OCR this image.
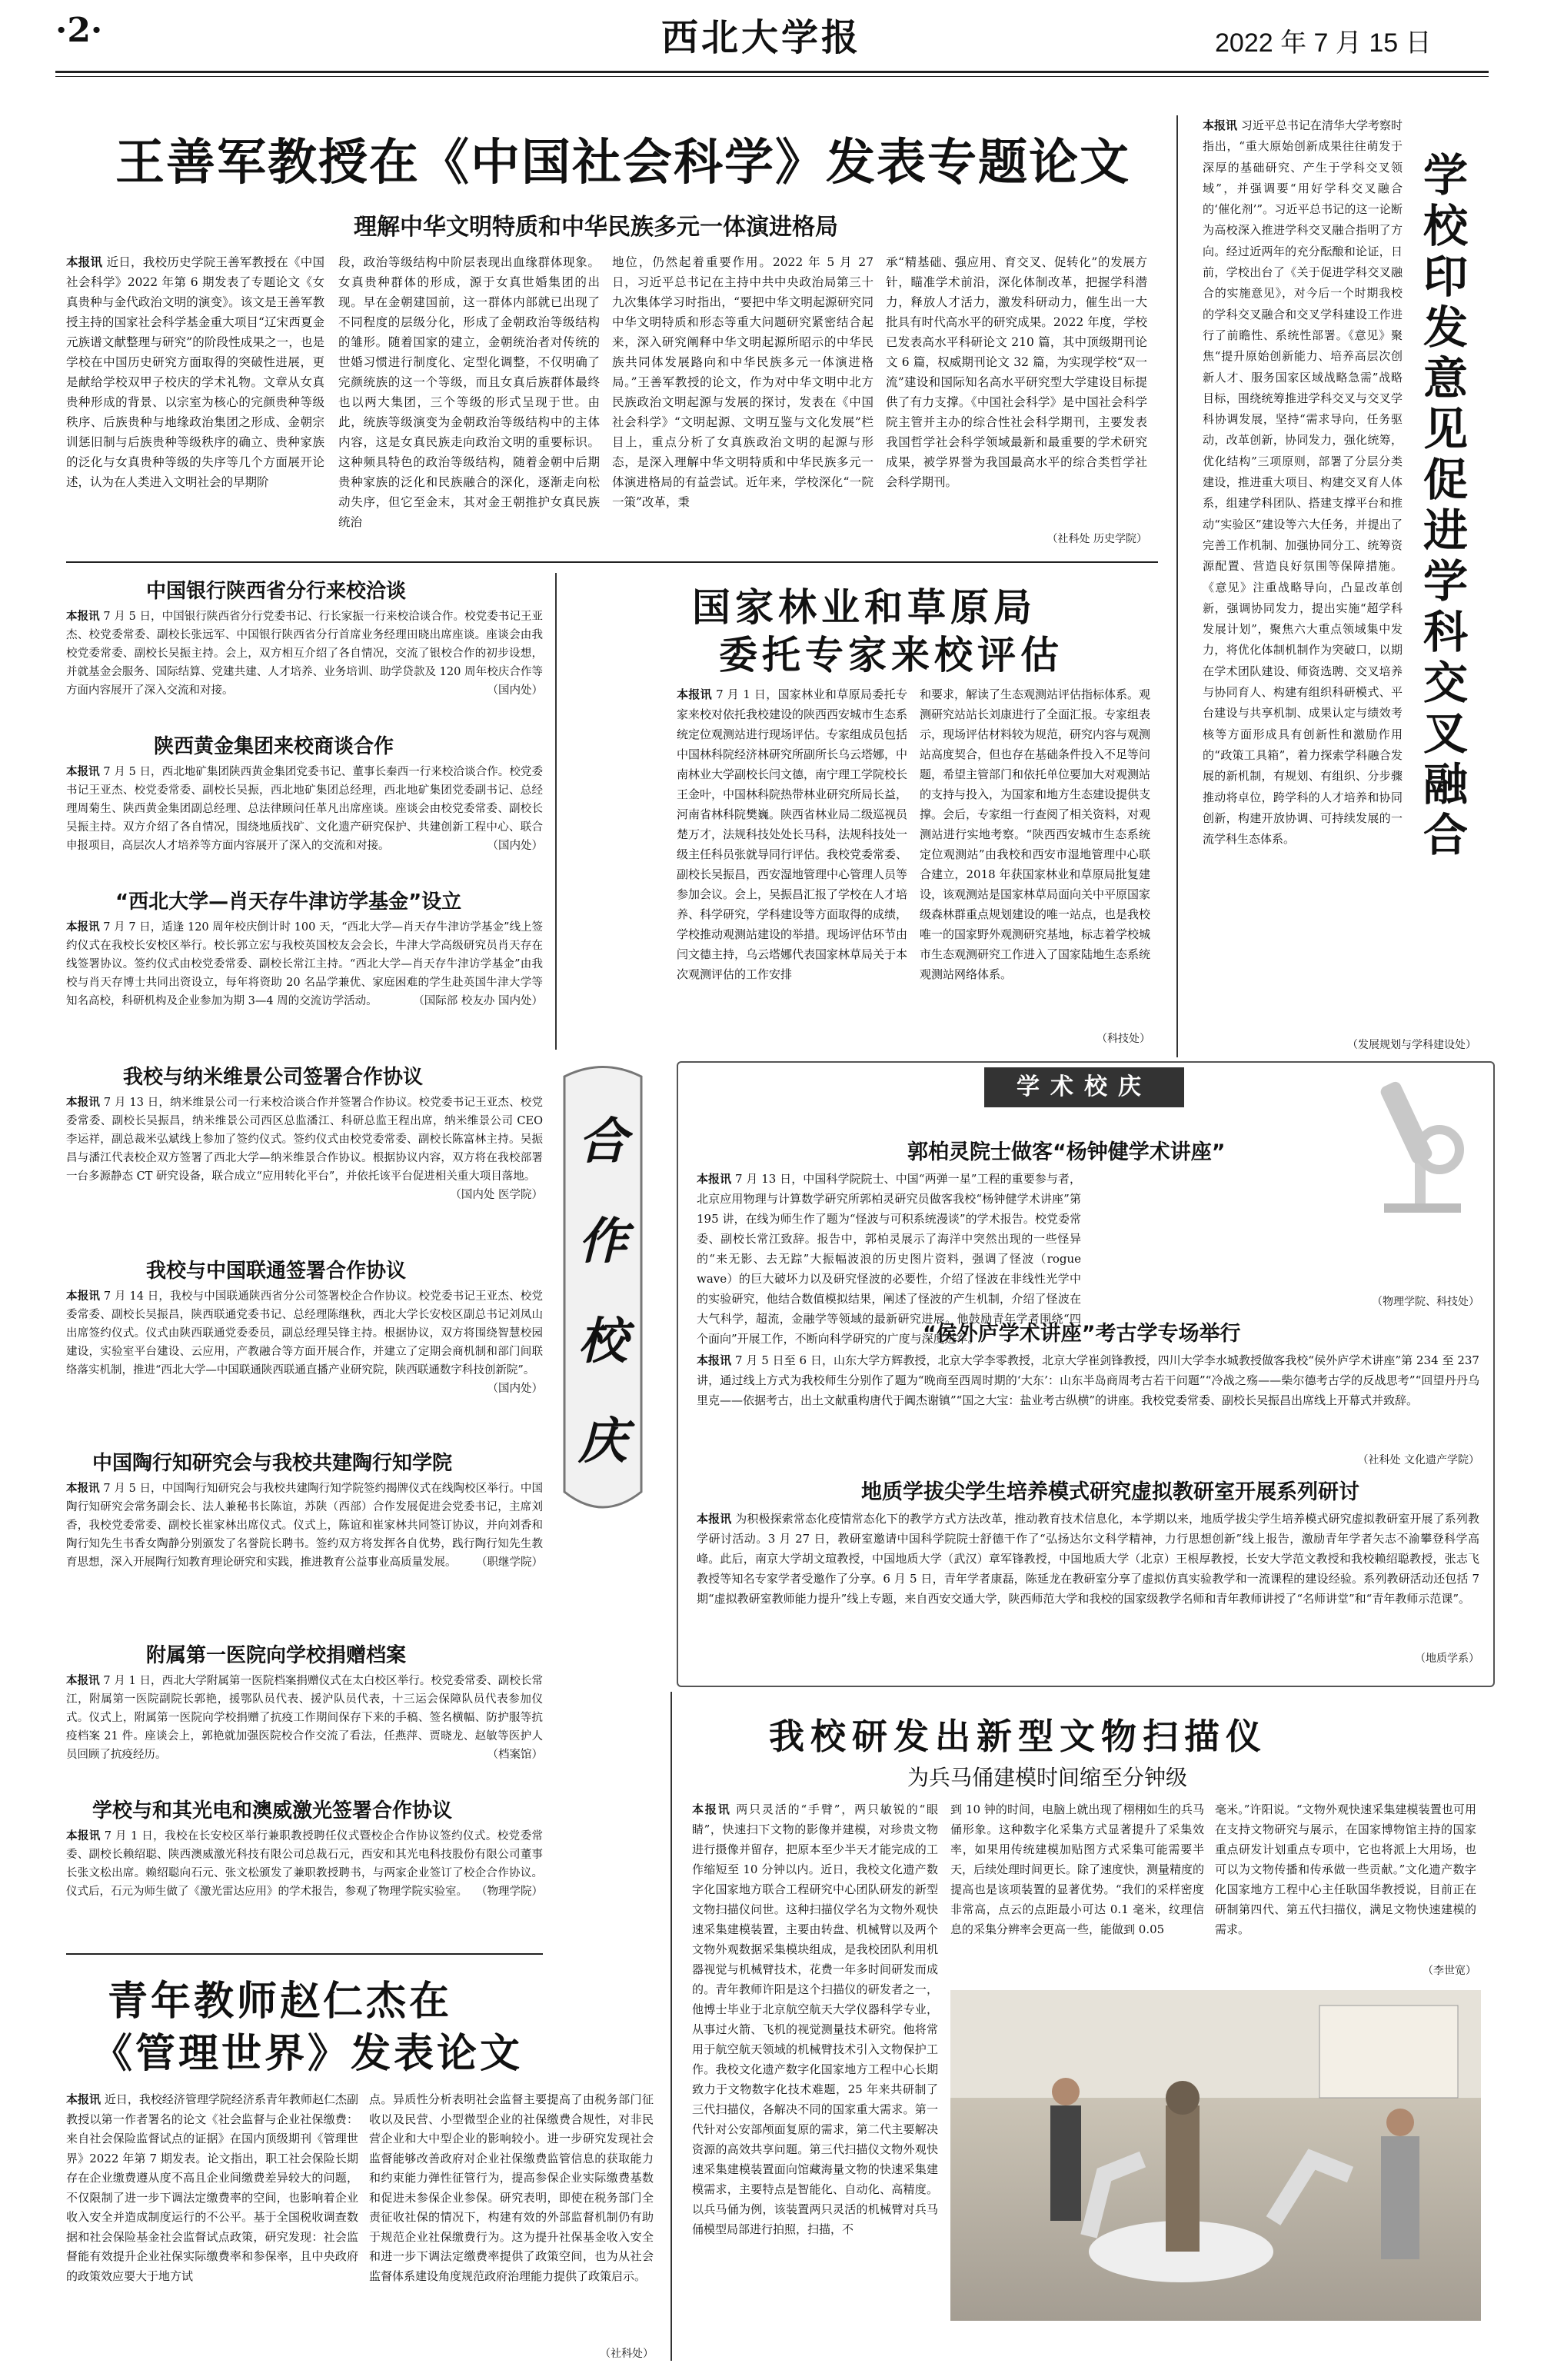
·2·	西北大学报	2022 年 7 月 15 日
王善军教授在《中国社会科学》发表专题论文
理解中华文明特质和中华民族多元一体演进格局

本报讯 近日，我校历史学院王善军教授在《中国社会科学》2022 年第 6 期发表了专题论文《女真贵种与金代政治文明的演变》。该文是王善军教授主持的国家社会科学基金重大项目“辽宋西夏金元族谱文献整理与研究”的阶段性成果之一，也是学校在中国历史研究方面取得的突破性进展，更是献给学校双甲子校庆的学术礼物。文章从女真贵种形成的背景、以宗室为核心的完颜贵种等级秩序、后族贵种与地缘政治集团之形成、金朝宗训惩旧制与后族贵种等级秩序的确立、贵种家族的泛化与女真贵种等级的失序等几个方面展开论述，认为在人类进入文明社会的早期阶

段，政治等级结构中阶层表现出血缘群体现象。女真贵种群体的形成，源于女真世婚集团的出现。早在金朝建国前，这一群体内部就已出现了不同程度的层级分化，形成了金朝政治等级结构的雏形。随着国家的建立，金朝统治者对传统的世婚习惯进行制度化、定型化调整，不仅明确了完颜统族的这一个等级，而且女真后族群体最终也以两大集团，三个等级的形式呈现于世。由此，统族等级演变为金朝政治等级结构中的主体内容，这是女真民族走向政治文明的重要标识。这种频具特色的政治等级结构，随着金朝中后期贵种家族的泛化和民族融合的深化，逐渐走向松动失序，但它至金末，其对金王朝推护女真民族统治

地位，仍然起着重要作用。2022 年 5 月 27 日，习近平总书记在主持中共中央政治局第三十九次集体学习时指出，“要把中华文明起源研究同中华文明特质和形态等重大问题研究紧密结合起来，深入研究阐释中华文明起源所昭示的中华民族共同体发展路向和中华民族多元一体演进格局。”王善军教授的论文，作为对中华文明中北方民族政治文明起源与发展的探讨，发表在《中国社会科学》“文明起源、文明互鉴与文化发展”栏目上，重点分析了女真族政治文明的起源与形态，是深入理解中华文明特质和中华民族多元一体演进格局的有益尝试。近年来，学校深化“一院一策”改革，秉

承“精基础、强应用、育交叉、促转化”的发展方针，瞄准学术前沿，深化体制改革，把握学科潜力，释放人才活力，激发科研动力，催生出一大批具有时代高水平的研究成果。2022 年度，学校已发表高水平科研论文 210 篇，其中顶级期刊论文 6 篇，权威期刊论文 32 篇，为实现学校“双一流”建设和国际知名高水平研究型大学建设目标提供了有力支撑。《中国社会科学》是中国社会科学院主管并主办的综合性社会科学期刊，主要发表我国哲学社会科学领域最新和最重要的学术研究成果，被学界誉为我国最高水平的综合类哲学社会科学期刊。

（社科处 历史学院）

本报讯 习近平总书记在清华大学考察时指出，“重大原始创新成果往往萌发于深厚的基础研究、产生于学科交叉领域”，并强调要“用好学科交叉融合的‘催化剂’”。习近平总书记的这一论断为高校深入推进学科交叉融合指明了方向。经过近两年的充分酝酿和论证，日前，学校出台了《关于促进学科交叉融合的实施意见》，对今后一个时期我校的学科交叉融合和交叉学科建设工作进行了前瞻性、系统性部署。《意见》聚焦“提升原始创新能力、培养高层次创新人才、服务国家区域战略急需”战略目标，围绕统筹推进学科交叉与交叉学科协调发展，坚持“需求导向，任务驱动，改革创新，协同发力，强化统筹，优化结构”三项原则，部署了分层分类建设，推进重大项目、构建交叉育人体系，组建学科团队、搭建支撑平台和推动“实验区”建设等六大任务，并提出了完善工作机制、加强协同分工、统筹资源配置、营造良好氛围等保障措施。《意见》注重战略导向，凸显改革创新，强调协同发力，提出实施“超学科发展计划”，聚焦六大重点领域集中发力，将优化体制机制作为突破口，以期在学术团队建设、师资选聘、交叉培养与协同育人、构建有组织科研模式、平台建设与共享机制、成果认定与绩效考核等方面形成具有创新性和激励作用的“政策工具箱”，着力探索学科融合发展的新机制，有规划、有组织、分步骤推动将卓位，跨学科的人才培养和协同创新，构建开放协调、可持续发展的一流学科生态体系。

学校印发意见促进学科交叉融合
（发展规划与学科建设处）
中国银行陕西省分行来校洽谈
本报讯 7 月 5 日，中国银行陕西省分行党委书记、行长家振一行来校洽谈合作。校党委书记王亚杰、校党委常委、副校长张远军、中国银行陕西省分行首席业务经理田晓出席座谈。座谈会由我校党委常委、副校长吴振主持。会上，双方相互介绍了各自情况，交流了银校合作的初步设想，并就基金会服务、国际结算、党建共建、人才培养、业务培训、助学贷款及 120 周年校庆合作等方面内容展开了深入交流和对接。	（国内处）
陕西黄金集团来校商谈合作
本报讯 7 月 5 日，西北地矿集团陕西黄金集团党委书记、董事长秦西一行来校洽谈合作。校党委书记王亚杰、校党委常委、副校长吴振，西北地矿集团总经理，西北地矿集团党委副书记、总经理周菊生、陕西黄金集团副总经理、总法律顾问任革凡出席座谈。座谈会由校党委常委、副校长吴振主持。双方介绍了各自情况，围绕地质找矿、文化遗产研究保护、共建创新工程中心、联合申报项目，高层次人才培养等方面内容展开了深入的交流和对接。	（国内处）
“西北大学—肖天存牛津访学基金”设立
本报讯 7 月 7 日，适逢 120 周年校庆倒计时 100 天，“西北大学—肖天存牛津访学基金”线上签约仪式在我校长安校区举行。校长郭立宏与我校英国校友会会长，牛津大学高级研究员肖天存在线签署协议。签约仪式由校党委常委、副校长常江主持。“西北大学—肖天存牛津访学基金”由我校与肖天存博士共同出资设立，每年将资助 20 名品学兼优、家庭困难的学生赴英国牛津大学等知名高校，科研机构及企业参加为期 3—4 周的交流访学活动。	（国际部 校友办 国内处）
我校与纳米维景公司签署合作协议
本报讯 7 月 13 日，纳米维景公司一行来校洽谈合作并签署合作协议。校党委书记王亚杰、校党委常委、副校长吴振昌，纳米维景公司西区总监潘江、科研总监王程出席，纳米维景公司 CEO 李运祥，副总裁米弘斌线上参加了签约仪式。签约仪式由校党委常委、副校长陈富林主持。吴振昌与潘江代表校企双方签署了西北大学—纳米维景合作协议。根据协议内容，双方将在我校部署一台多源静态 CT 研究设备，联合成立“应用转化平台”，并依托该平台促进相关重大项目落地。
（国内处 医学院）
我校与中国联通签署合作协议
本报讯 7 月 14 日，我校与中国联通陕西省分公司签署校企合作协议。校党委书记王亚杰、校党委常委、副校长吴振昌，陕西联通党委书记、总经理陈继秋，西北大学长安校区副总书记刘凤山出席签约仪式。仪式由陕西联通党委委员，副总经理吴锋主持。根据协议，双方将围绕智慧校园建设，实验室平台建设、云应用，产教融合等方面开展合作，并建立了定期会商机制和部门间联络落实机制，推进“西北大学—中国联通陕西联通直播产业研究院，陕西联通数字科技创新院”。
（国内处）
中国陶行知研究会与我校共建陶行知学院
本报讯 7 月 5 日，中国陶行知研究会与我校共建陶行知学院签约揭牌仪式在线陶校区举行。中国陶行知研究会常务副会长、法人兼秘书长陈谊，苏陕（西部）合作发展促进会党委书记，主席刘香，我校党委常委、副校长崔家林出席仪式。仪式上，陈谊和崔家林共同签订协议，并向刘香和陶行知先生书香女陶静分别颁发了名誉院长聘书。签约双方将发挥各自优势，践行陶行知先生教育思想，深入开展陶行知教育理论研究和实践，推进教育公益事业高质量发展。 （职继学院）
附属第一医院向学校捐赠档案
本报讯 7 月 1 日，西北大学附属第一医院档案捐赠仪式在太白校区举行。校党委常委、副校长常江，附属第一医院副院长郭艳，援鄂队员代表、援沪队员代表，十三运会保障队员代表参加仪式。仪式上，附属第一医院向学校捐赠了抗疫工作期间保存下来的手稿、签名横幅、防护服等抗疫档案 21 件。座谈会上，郭艳就加强医院校合作交流了看法，任燕萍、贾晓龙、赵敏等医护人员回顾了抗疫经历。	（档案馆）
学校与和其光电和澳威激光签署合作协议
本报讯 7 月 1 日，我校在长安校区举行兼职教授聘任仪式暨校企合作协议签约仪式。校党委常委、副校长赖绍聪、陕西澳威激光科技有限公司总裁石元，西安和其光电科技股份有限公司董事长张文松出席。赖绍聪向石元、张文松颁发了兼职教授聘书，与两家企业签订了校企合作协议。仪式后，石元为师生做了《激光雷达应用》的学术报告，参观了物理学院实验室。 （物理学院）
合
作
校
庆
国家林业和草原局
委托专家来校评估

本报讯 7 月 1 日，国家林业和草原局委托专家来校对依托我校建设的陕西西安城市生态系统定位观测站进行现场评估。专家组成员包括中国林科院经济林研究所副所长乌云塔娜，中南林业大学副校长闫文德，南宁理工学院校长王金叶，中国林科院热带林业研究所局长益，河南省林科院樊巍。陕西省林业局二级巡视员楚万才，法规科技处处长马科，法规科技处一级主任科员张就导同行评估。我校党委常委、副校长吴振昌，西安湿地管理中心管理人员等参加会议。会上，吴振昌汇报了学校在人才培养、科学研究，学科建设等方面取得的成绩，学校推动观测站建设的举措。现场评估环节由闫文德主持，乌云塔娜代表国家林草局关于本次观测评估的工作安排

和要求，解读了生态观测站评估指标体系。观测研究站站长刘康进行了全面汇报。专家组表示，现场评估材料较为规范，研究内容与观测站高度契合，但也存在基础条件投入不足等问题，希望主管部门和依托单位要加大对观测站的支持与投入，为国家和地方生态建设提供支撑。会后，专家组一行查阅了相关资料，对观测站进行实地考察。“陕西西安城市生态系统定位观测站”由我校和西安市湿地管理中心联合建立，2018 年获国家林业和草原局批复建设，该观测站是国家林草局面向关中平原国家级森林群重点规划建设的唯一站点，也是我校唯一的国家野外观测研究基地，标志着学校城市生态观测研究工作进入了国家陆地生态系统观测站网络体系。

（科技处）
学术校庆
郭柏灵院士做客“杨钟健学术讲座”
本报讯 7 月 13 日，中国科学院院士、中国“两弹一星”工程的重要参与者，北京应用物理与计算数学研究所郭柏灵研究员做客我校“杨钟健学术讲座”第 195 讲，在线为师生作了题为“怪波与可积系统漫谈”的学术报告。校党委常委、副校长常江致辞。报告中，郭柏灵展示了海洋中突然出现的一些怪异的“来无影、去无踪”大振幅波浪的历史图片资料，强调了怪波（rogue wave）的巨大破坏力以及研究怪波的必要性，介绍了怪波在非线性光学中的实验研究，他结合数值模拟结果，阐述了怪波的产生机制，介绍了怪波在大气科学，超流，金融学等领域的最新研究进展。他鼓励青年学者围绕“四个面向”开展工作，不断向科学研究的广度与深度进军。
（物理学院、科技处）
“侯外庐学术讲座”考古学专场举行
本报讯 7 月 5 日至 6 日，山东大学方辉教授，北京大学李零教授，北京大学崔剑锋教授，四川大学李水城教授做客我校“侯外庐学术讲座”第 234 至 237 讲，通过线上方式为我校师生分别作了题为“晚商至西周时期的‘大东’：山东半岛商周考古若干问题”“冷战之殇——柴尔德考古学的反战思考”“回望丹丹乌里克——依据考古，出土文献重构唐代于阗杰谢镇”“国之大宝：盐业考古纵横”的讲座。我校党委常委、副校长吴振昌出席线上开幕式并致辞。
（社科处 文化遗产学院）
地质学拔尖学生培养模式研究虚拟教研室开展系列研讨
本报讯 为积极探索常态化疫情常态化下的教学方式方法改革，推动教育技术信息化，本学期以来，地质学拔尖学生培养模式研究虚拟教研室开展了系列教学研讨活动。3 月 27 日，教研室邀请中国科学院院士舒德干作了“弘扬达尔文科学精神，力行思想创新”线上报告，激励青年学者矢志不渝攀登科学高峰。此后，南京大学胡文瑄教授，中国地质大学（武汉）章军锋教授，中国地质大学（北京）王根厚教授，长安大学范文教授和我校赖绍聪教授，张志飞教授等知名专家学者受邀作了分享。6 月 5 日，青年学者康磊，陈延龙在教研室分享了虚拟仿真实验教学和一流课程的建设经验。系列教研活动还包括 7 期“虚拟教研室教师能力提升”线上专题，来自西安交通大学，陕西师范大学和我校的国家级教学名师和青年教师讲授了“名师讲堂”和“青年教师示范课”。
（地质学系）
我校研发出新型文物扫描仪
为兵马俑建模时间缩至分钟级

本报讯 两只灵活的“手臂”，两只敏锐的“眼睛”，快速扫下文物的影像并建模，对珍贵文物进行摄像并留存，把原本至少半天才能完成的工作缩短至 10 分钟以内。近日，我校文化遗产数字化国家地方联合工程研究中心团队研发的新型文物扫描仪问世。这种扫描仪学名为文物外观快速采集建模装置，主要由转盘、机械臂以及两个文物外观数据采集模块组成，是我校团队利用机器视觉与机械臂技术，花费一年多时间研发而成的。青年教师许阳是这个扫描仪的研发者之一，他博士毕业于北京航空航天大学仪器科学专业，从事过火箭、飞机的视觉测量技术研究。他将常用于航空航天领域的机械臂技术引入文物保护工作。我校文化遗产数字化国家地方工程中心长期致力于文物数字化技术难题，25 年来共研制了三代扫描仪，各解决不同的国家重大需求。第一代针对公安部颅面复原的需求，第二代主要解决资源的高效共享问题。第三代扫描仪文物外观快速采集建模装置面向馆藏海量文物的快速采集建模需求，主要特点是智能化、自动化、高精度。以兵马俑为例，该装置两只灵活的机械臂对兵马俑模型局部进行拍照，扫描，不

到 10 钟的时间，电脑上就出现了栩栩如生的兵马俑形象。这种数字化采集方式显著提升了采集效率，如果用传统建模加贴图方式采集可能需要半天，后续处理时间更长。除了速度快，测量精度的提高也是该项装置的显著优势。“我们的采样密度非常高，点云的点距最小可达 0.1 毫米，纹理信息的采集分辨率会更高一些，能做到 0.05

毫米。”许阳说。“文物外观快速采集建模装置也可用在支持文物研究与展示，在国家博物馆主持的国家重点研发计划重点专项中，它也将派上大用场，也可以为文物传播和传承做一些贡献。”文化遗产数字化国家地方工程中心主任耿国华教授说，目前正在研制第四代、第五代扫描仪，满足文物快速建模的需求。

（李世宽）
青年教师赵仁杰在
《管理世界》发表论文

本报讯 近日，我校经济管理学院经济系青年教师赵仁杰副教授以第一作者署名的论文《社会监督与企业社保缴费：来自社会保险监督试点的证据》在国内顶级期刊《管理世界》2022 年第 7 期发表。论文指出，职工社会保险长期存在企业缴费遵从度不高且企业间缴费差异较大的问题，不仅限制了进一步下调法定缴费率的空间，也影响着企业收入安全并造成制度运行的不公平。基于全国税收调查数据和社会保险基金社会监督试点政策，研究发现：社会监督能有效提升企业社保实际缴费率和参保率，且中央政府的政策效应要大于地方试

点。异质性分析表明社会监督主要提高了由税务部门征收以及民营、小型微型企业的社保缴费合规性，对非民营企业和大中型企业的影响较小。进一步研究发现社会监督能够改善政府对企业社保缴费监管信息的获取能力和约束能力弹性征管行为，提高参保企业实际缴费基数和促进未参保企业参保。研究表明，即使在税务部门全责征收社保的情况下，构建有效的外部监督机制仍有助于规范企业社保缴费行为。这为提升社保基金收入安全和进一步下调法定缴费率提供了政策空间，也为从社会监督体系建设角度规范政府治理能力提供了政策启示。

（社科处）
